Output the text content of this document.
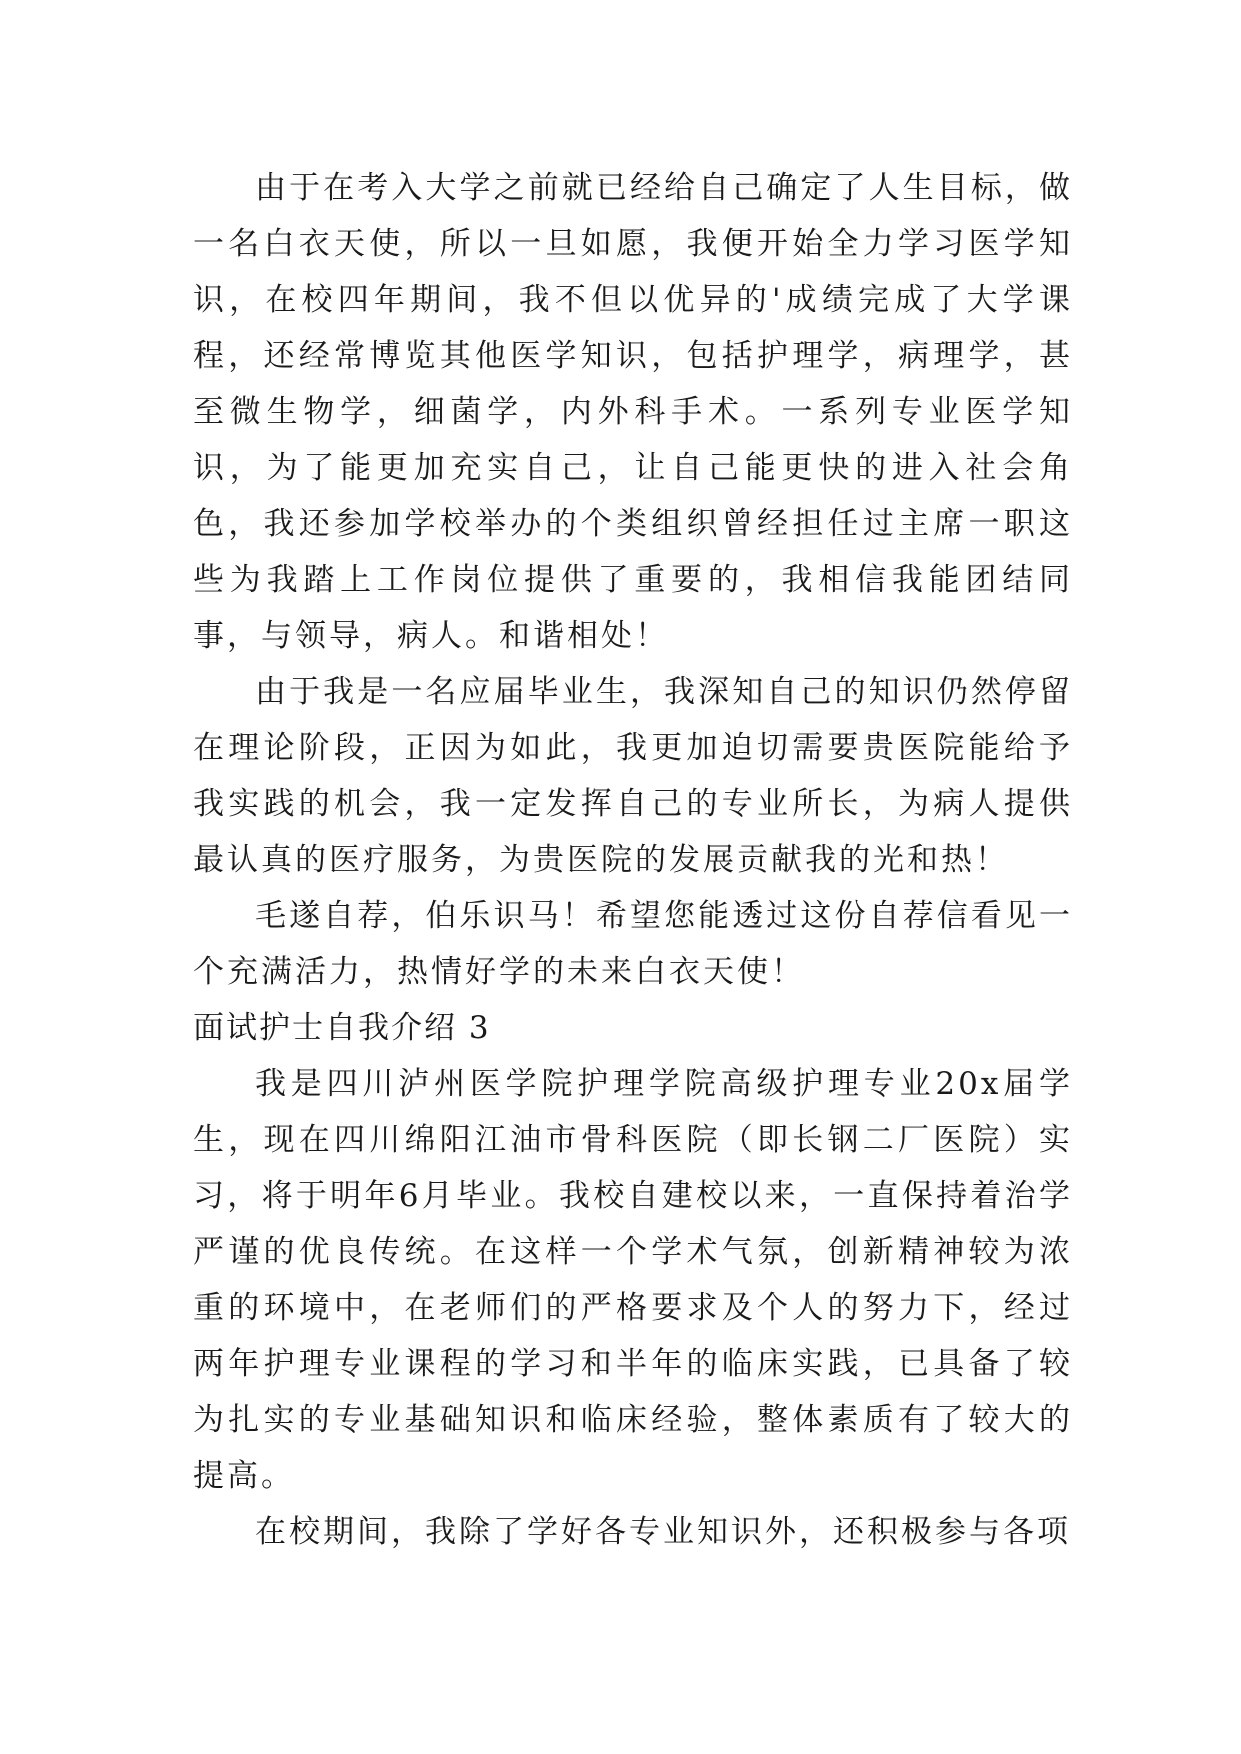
由于在考入大学之前就已经给自己确定了人生目标，做一名白衣天使，所以一旦如愿，我便开始全力学习医学知识，在校四年期间，我不但以优异的'成绩完成了大学课程，还经常博览其他医学知识，包括护理学，病理学，甚至微生物学，细菌学，内外科手术。一系列专业医学知识，为了能更加充实自己，让自己能更快的进入社会角色，我还参加学校举办的个类组织曾经担任过主席一职这些为我踏上工作岗位提供了重要的，我相信我能团结同事，与领导，病人。和谐相处！

由于我是一名应届毕业生，我深知自己的知识仍然停留在理论阶段，正因为如此，我更加迫切需要贵医院能给予我实践的机会，我一定发挥自己的专业所长，为病人提供最认真的医疗服务，为贵医院的发展贡献我的光和热！

毛遂自荐，伯乐识马！希望您能透过这份自荐信看见一个充满活力，热情好学的未来白衣天使！

面试护士自我介绍 3

我是四川泸州医学院护理学院高级护理专业20x届学生，现在四川绵阳江油市骨科医院（即长钢二厂医院）实习，将于明年6月毕业。我校自建校以来，一直保持着治学严谨的优良传统。在这样一个学术气氛，创新精神较为浓重的环境中，在老师们的严格要求及个人的努力下，经过两年护理专业课程的学习和半年的临床实践，已具备了较为扎实的专业基础知识和临床经验，整体素质有了较大的提高。

在校期间，我除了学好各专业知识外，还积极参与各项
